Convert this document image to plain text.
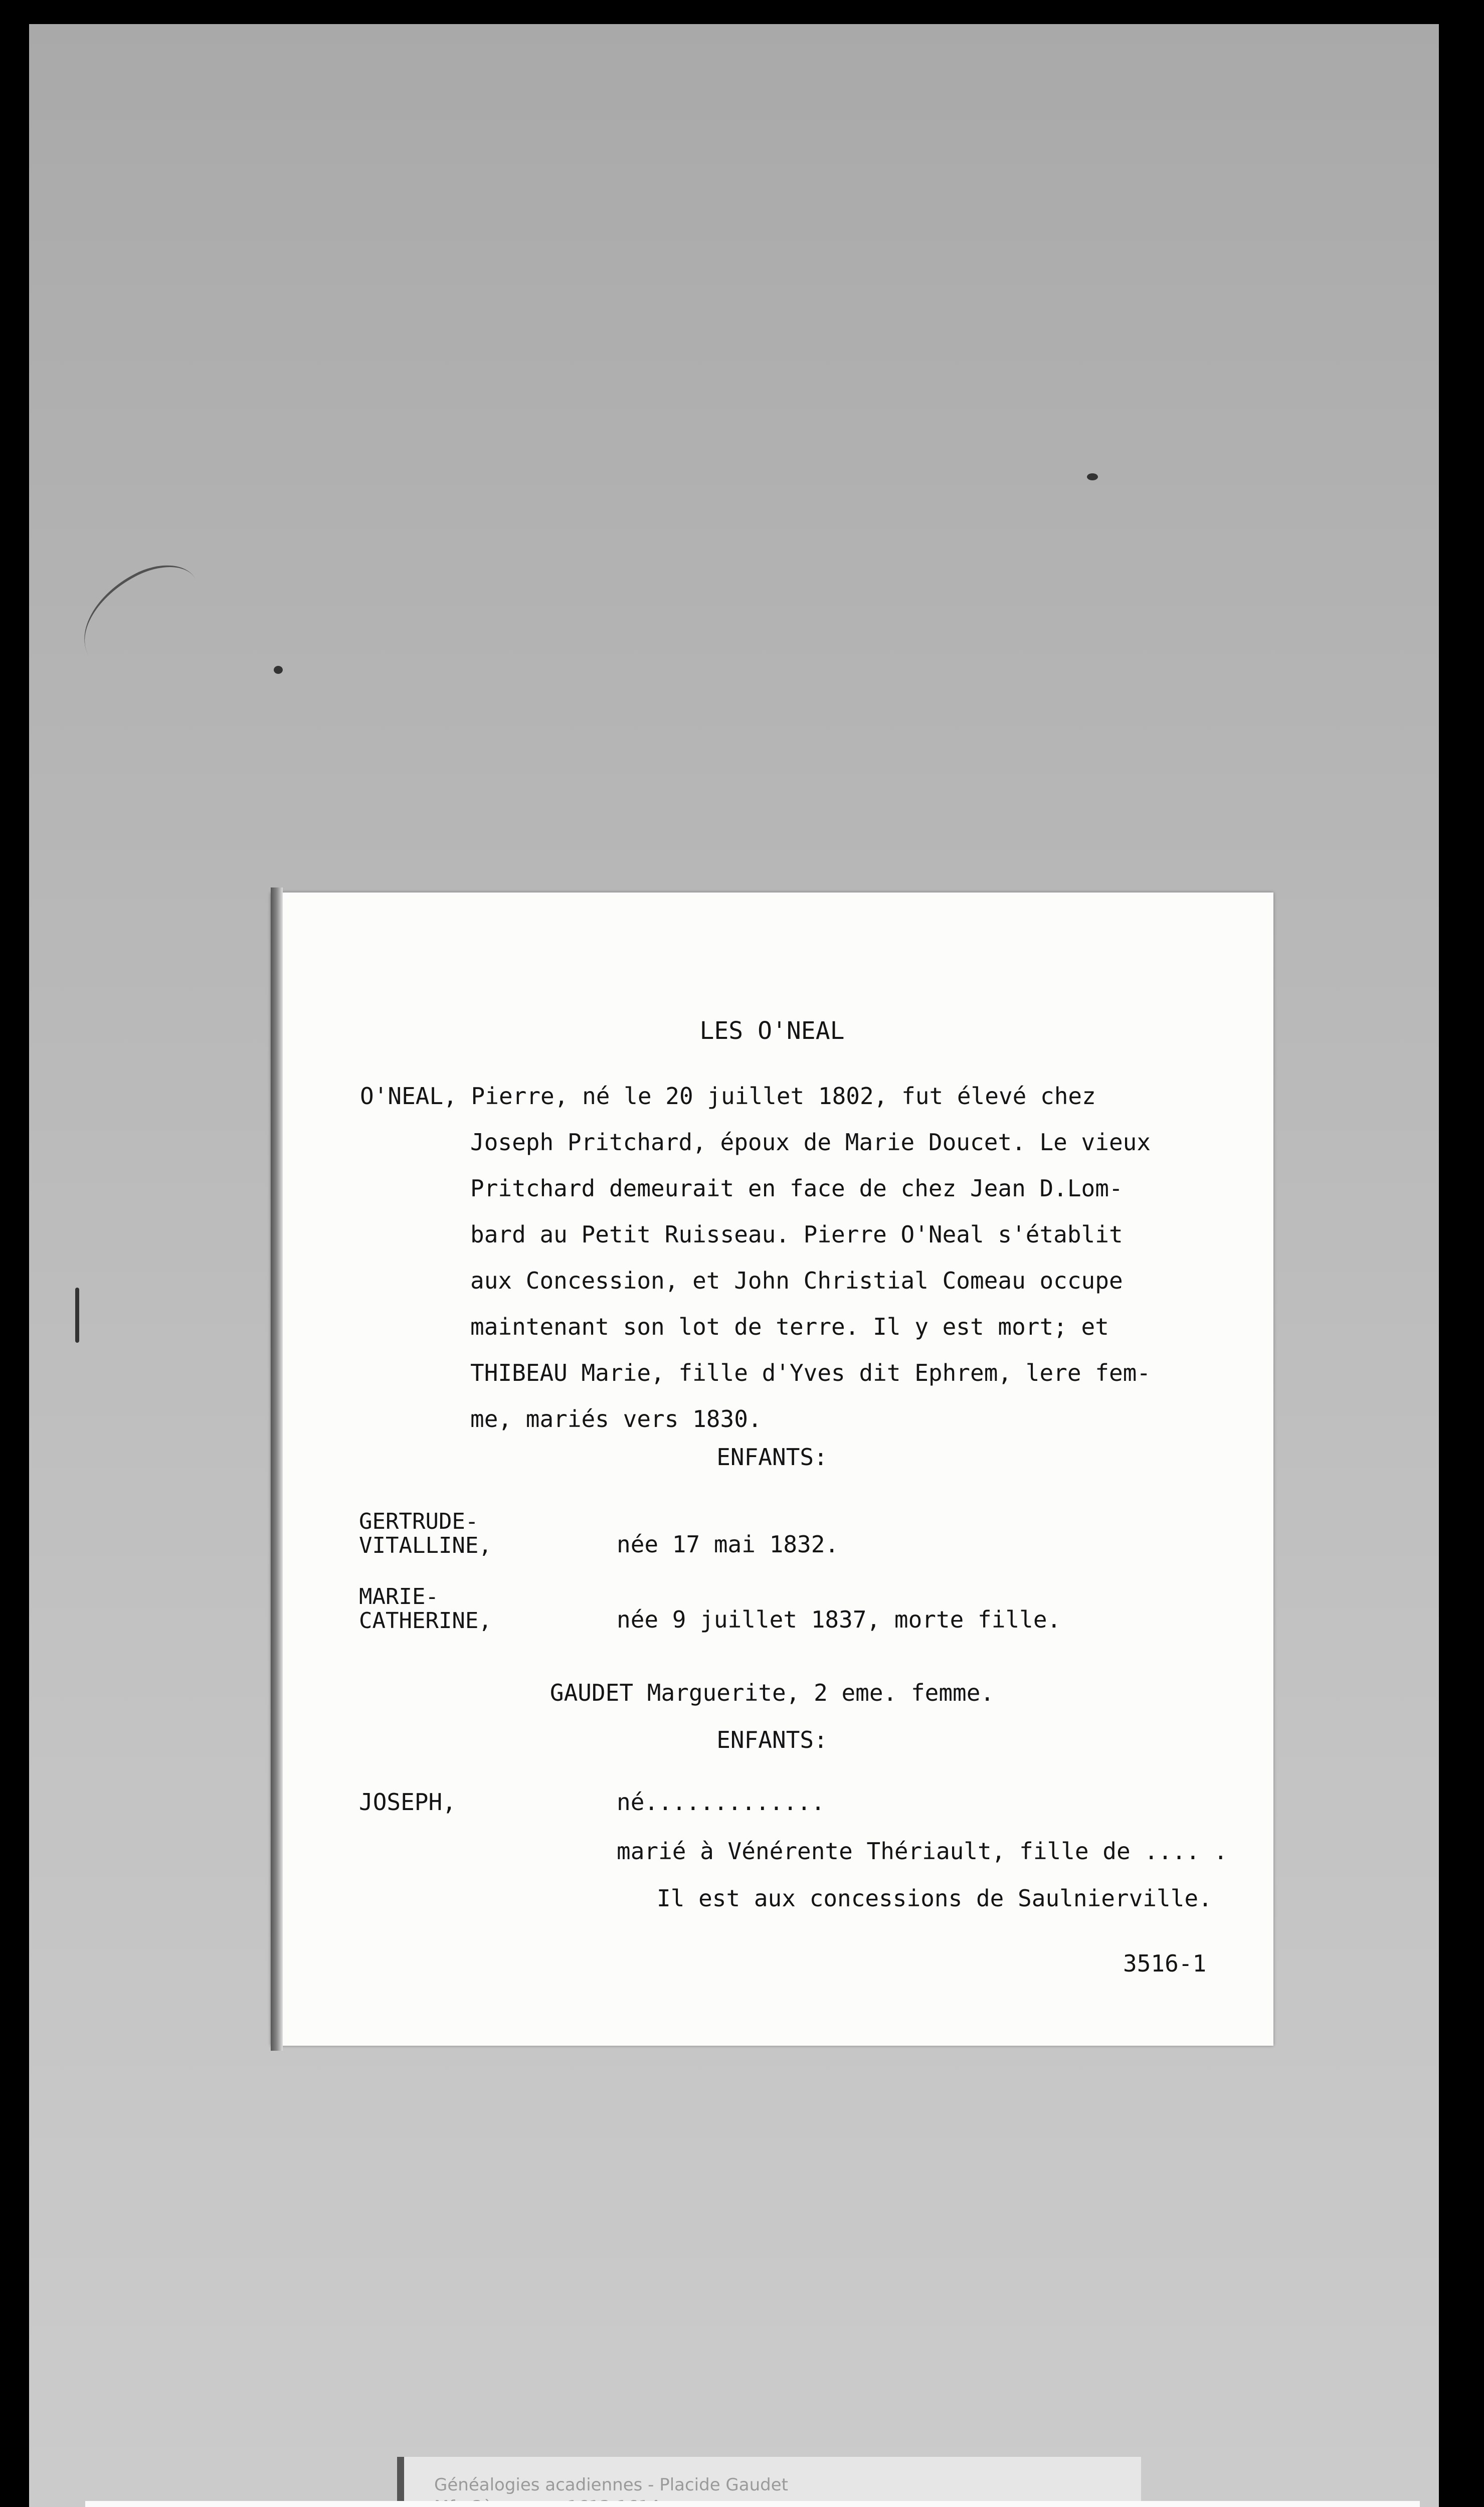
LES O'NEAL
O'NEAL, Pierre, né le 20 juillet 1802, fut élevé chez
Joseph Pritchard, époux de Marie Doucet. Le vieux
Pritchard demeurait en face de chez Jean D.Lom-
bard au Petit Ruisseau. Pierre O'Neal s'établit
aux Concession, et John Christial Comeau occupe
maintenant son lot de terre. Il y est mort; et
THIBEAU Marie, fille d'Yves dit Ephrem, lere fem-
me, mariés vers 1830.
ENFANTS:
GERTRUDE-
VITALLINE,	née 17 mai 1832.
MARIE-
CATHERINE,	née 9 juillet 1837, morte fille.
GAUDET Marguerite, 2 eme. femme.
ENFANTS:
JOSEPH,	né.............
marié à Vénérente Thériault, fille de .... .
Il est aux concessions de Saulnierville.
3516-1
Généalogies acadiennes - Placide Gaudet
